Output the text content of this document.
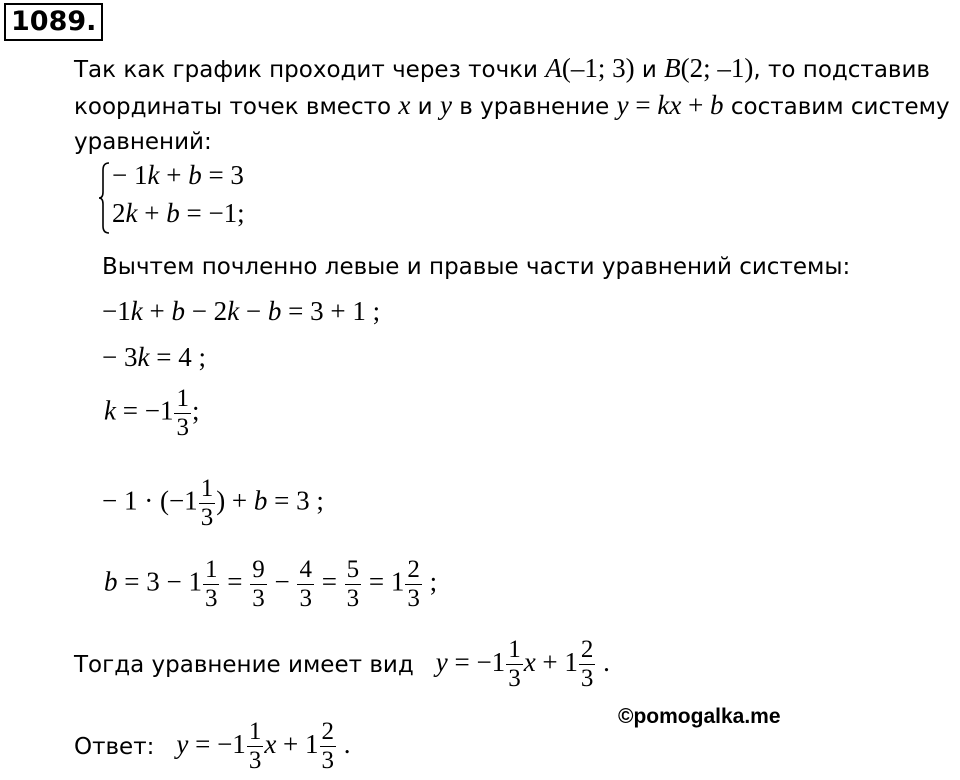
1089.
Так как график проходит через точки A(–1; 3) и B(2; –1), то подставив координаты точек вместо x и y в уравнение y = kx + b составим систему уравнений:
− 1k + b = 3
2k + b = −1;
Вычтем почленно левые и правые части уравнений системы:
−1k + b − 2k − b = 3 + 1 ;
− 3k = 4 ;
$k = -1 \frac{1}{3}$ ;
− $1 \cdot (-1 \frac{1}{3}$ ) + b = 3 ;
$b = 3 - 1 \frac{1}{3} = \frac{9}{3} - \frac{4}{3} = \frac{5}{3} = 1 \frac{2}{3}$ ;
Тогда уравнение имеет вид $y = -1 \frac{1}{3}$ $x + 1 \frac{2}{3}$ .
©pomogalka.me
Ответ: $y = -1 \frac{1}{3}$ $x + 1 \frac{2}{3}$ .
